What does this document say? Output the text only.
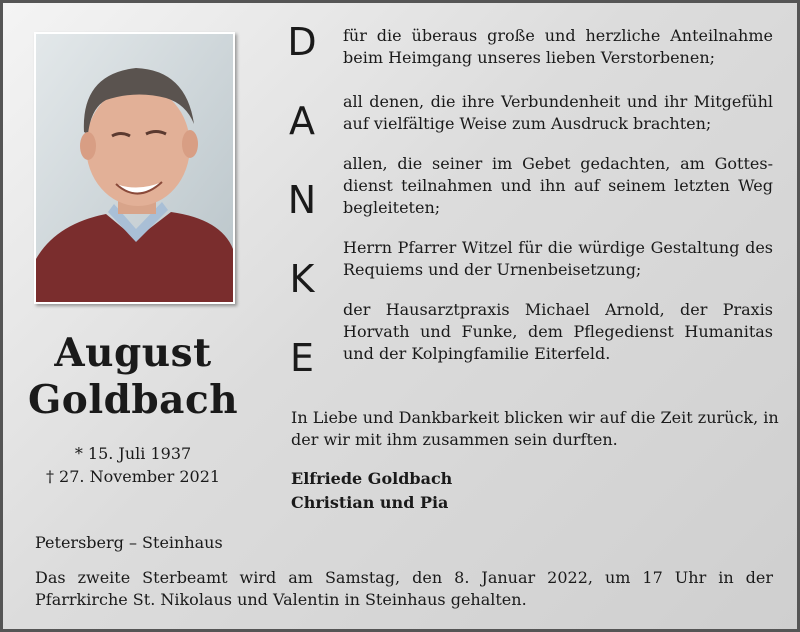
August
Goldbach
* 15. Juli 1937
† 27. November 2021
D
A
N
K
E
für die überaus große und herzliche Anteilnahme beim Heimgang unseres lieben Verstorbenen;
all denen, die ihre Verbundenheit und ihr Mitgefühl auf vielfältige Weise zum Ausdruck brachten;
allen, die seiner im Gebet gedachten, am Gottesdienst teilnahmen und ihn auf seinem letzten Weg begleiteten;
Herrn Pfarrer Witzel für die würdige Gestaltung des Requiems und der Urnenbeisetzung;
der Hausarztpraxis Michael Arnold, der Praxis Horvath und Funke, dem Pflegedienst Humanitas und der Kolpingfamilie Eiterfeld.
In Liebe und Dankbarkeit blicken wir auf die Zeit zurück, in der wir mit ihm zusammen sein durften.
Elfriede Goldbach
Christian und Pia
Petersberg – Steinhaus
Das zweite Sterbeamt wird am Samstag, den 8. Januar 2022, um 17 Uhr in der Pfarrkirche St. Nikolaus und Valentin in Steinhaus gehalten.
